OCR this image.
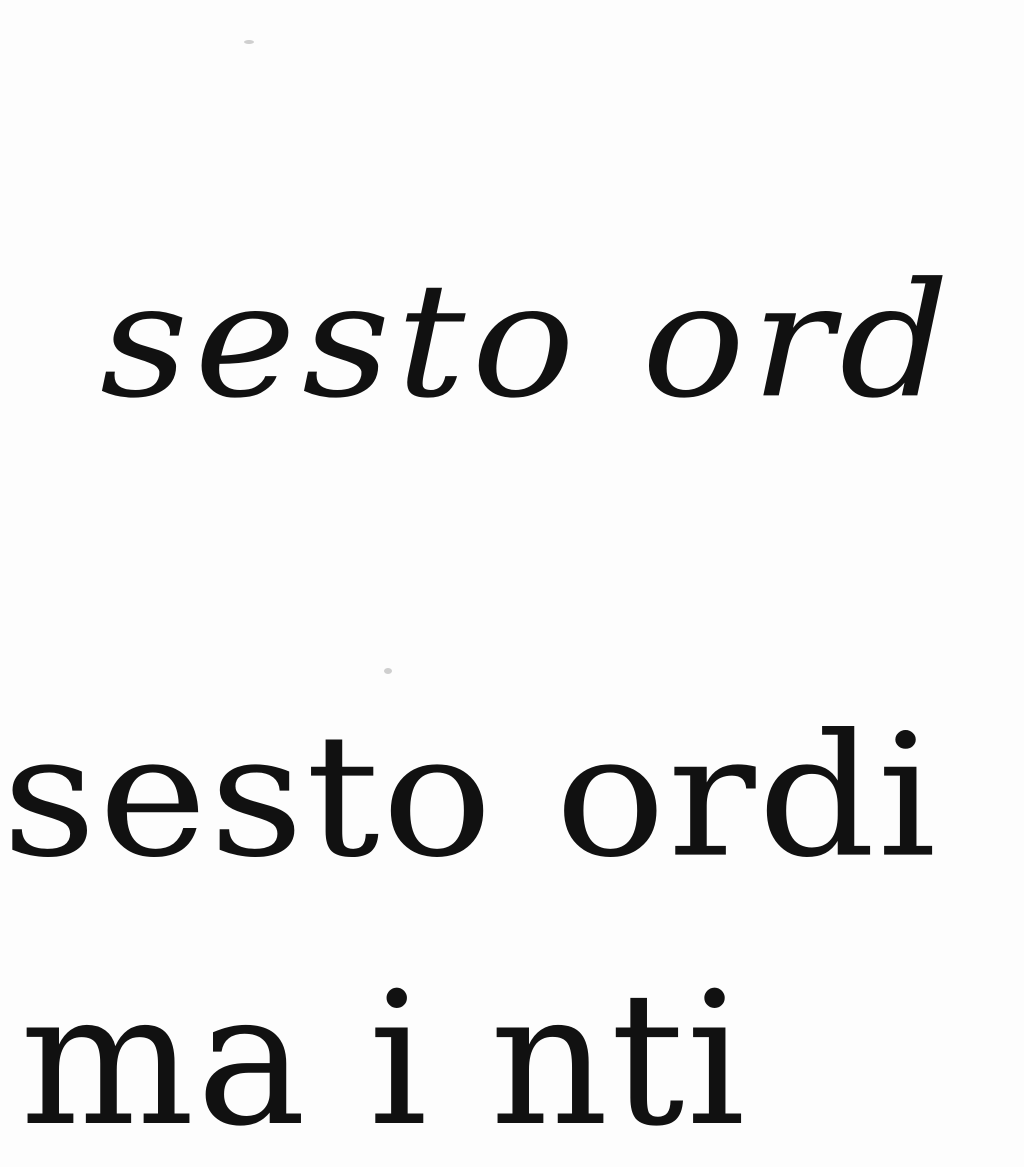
sesto ord
sesto ordi
ma i nti
